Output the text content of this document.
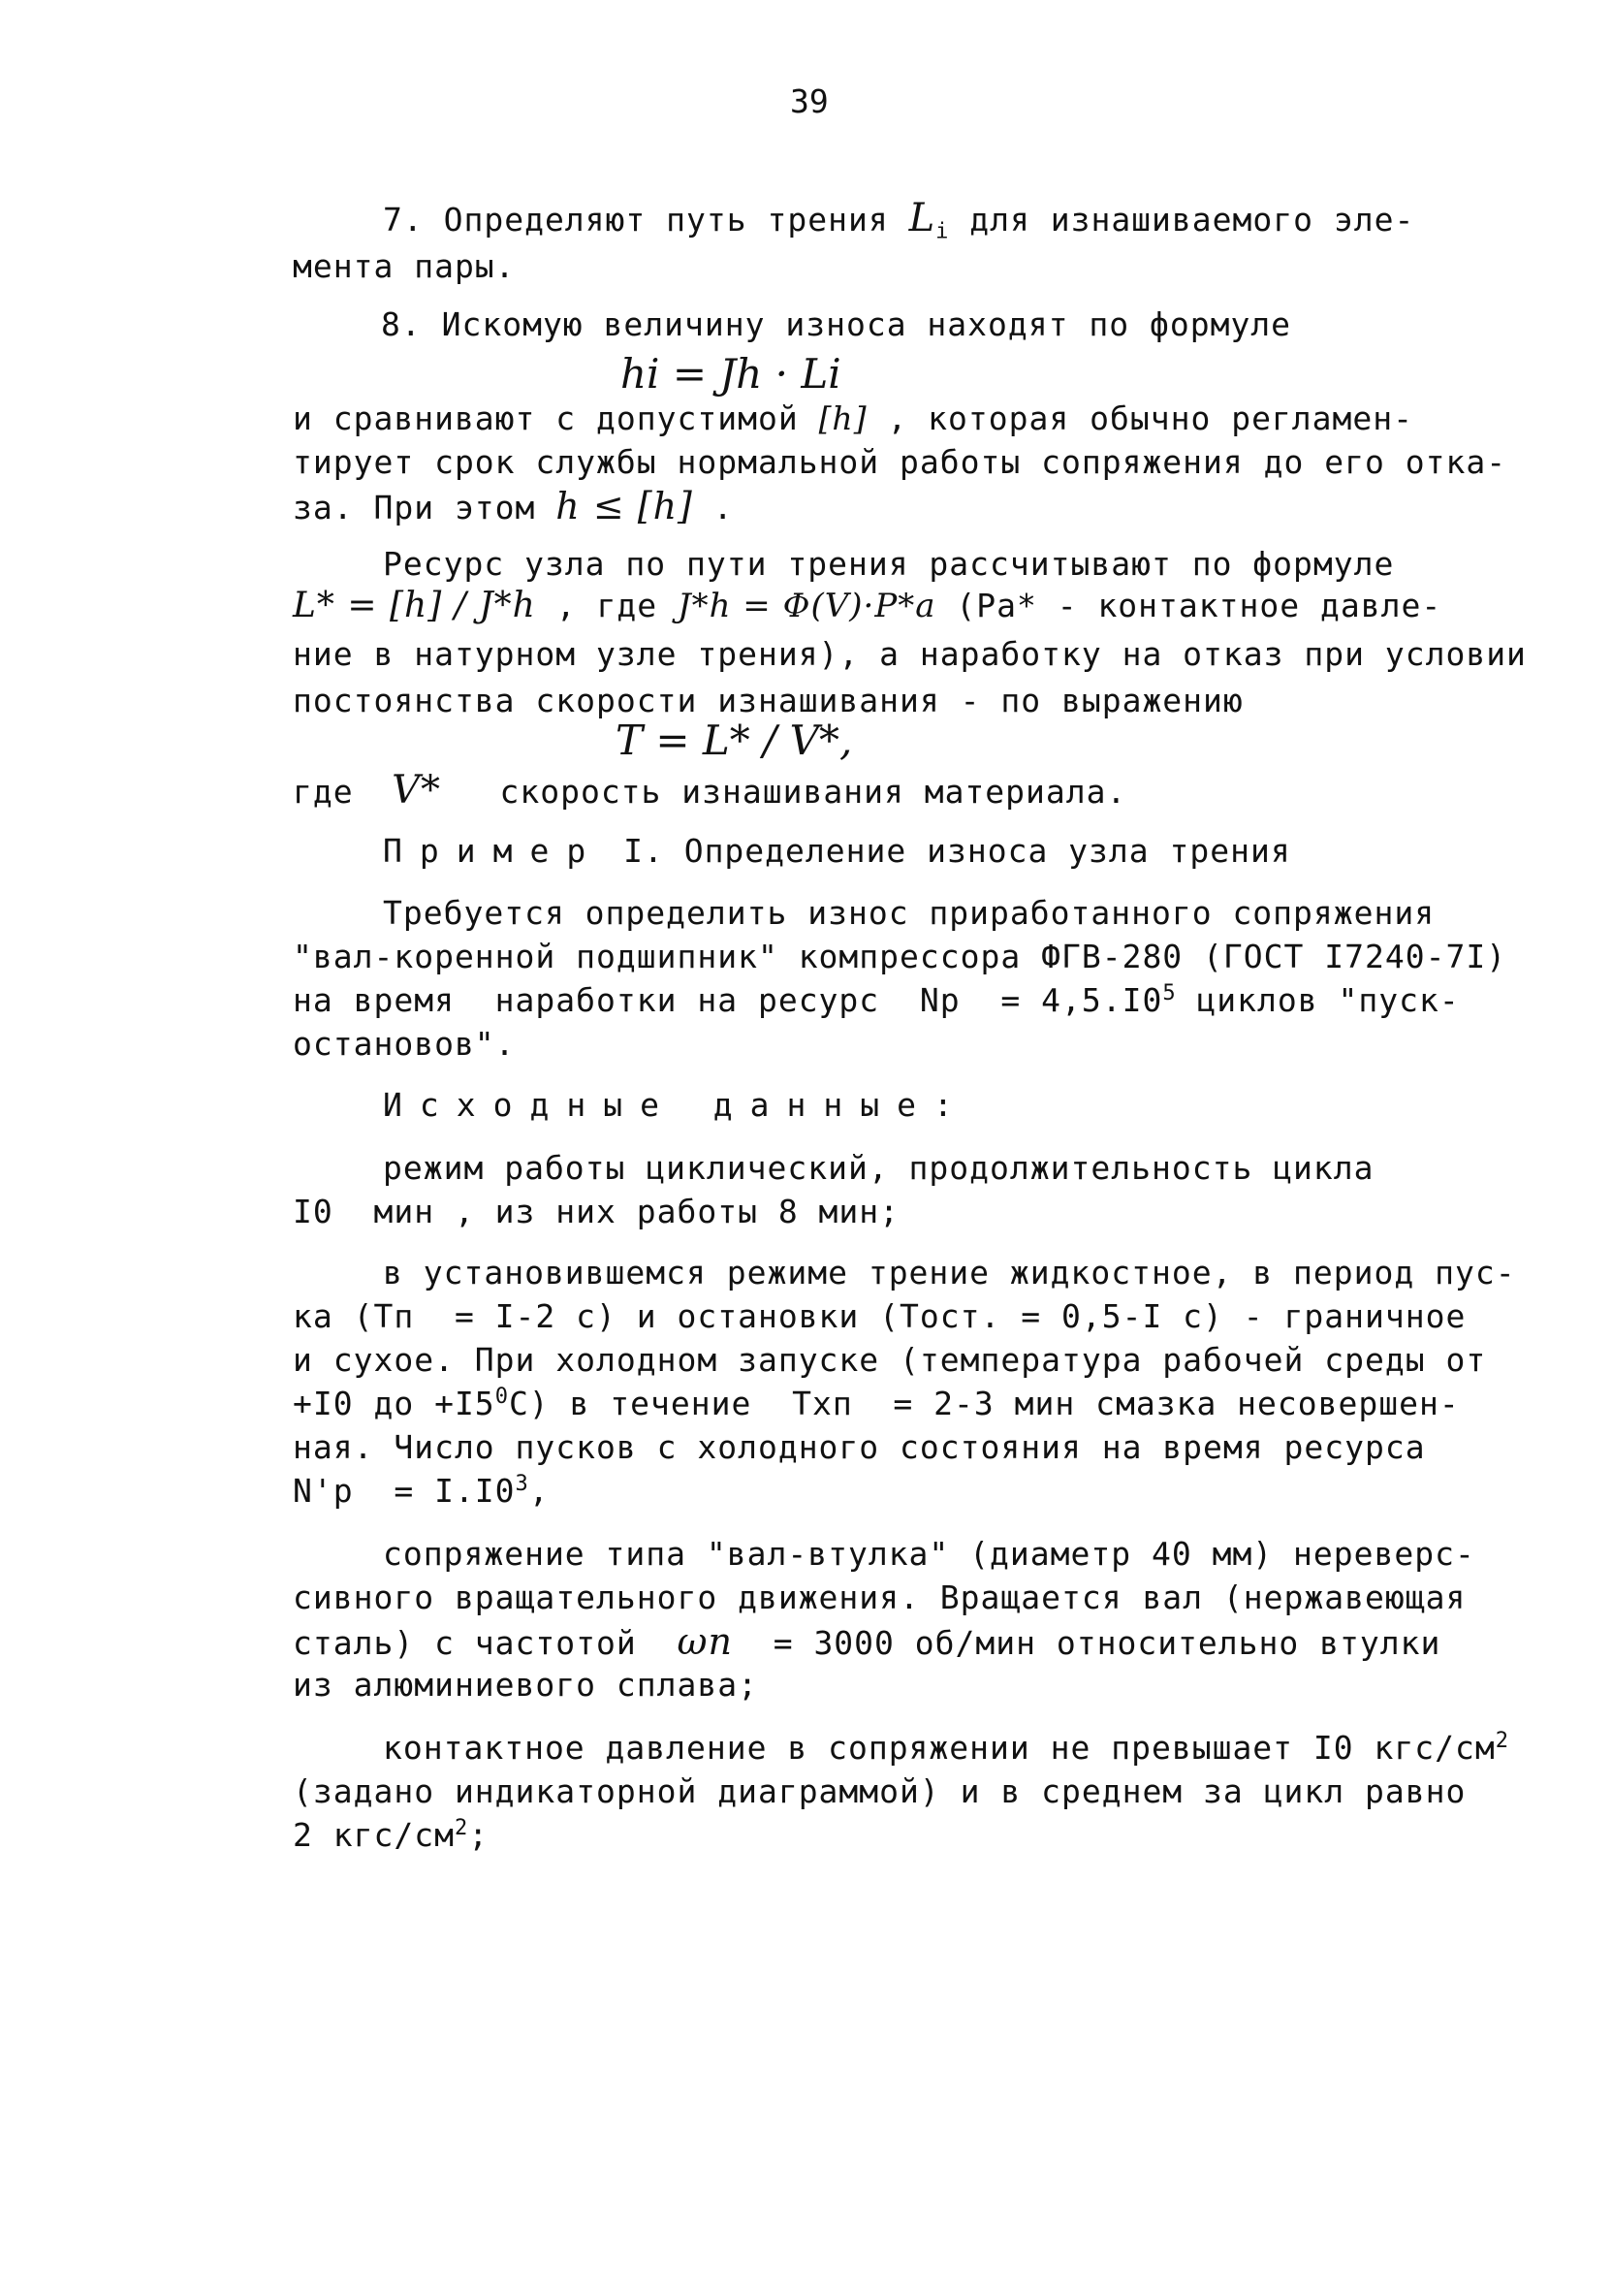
39
7. Определяют путь трения $L_i$ для изнашиваемого эле-
мента пары.
8. Искомую величину износа находят по формуле
hi = Jh · Li
и сравнивают с допустимой [h] , которая обычно регламен-
тирует срок службы нормальной работы сопряжения до его отка-
за. При этом h ≤ [h] .
Ресурс узла по пути трения рассчитывают по формуле
L* = [h] / J*h , где J*h = Φ(V)·P*a (Pa* - контактное давле-
ние в натурном узле трения), а наработку на отказ при условии
постоянства скорости изнашивания - по выражению
T = L* / V*,
где V* скорость изнашивания материала.
Пример I. Определение износа узла трения
Требуется определить износ приработанного сопряжения
"вал-коренной подшипник" компрессора ФГВ-280 (ГОСТ I7240-7I)
на время  наработки на ресурс  $Np = 4,5.I0^5$ циклов "пуск-
остановов".
Исходные данные:
режим работы циклический, продолжительность цикла
I0  мин , из них работы 8 мин;
в установившемся режиме трение жидкостное, в период пус-
ка (Tп  = I-2 с) и остановки (Tост. = 0,5-I с) - граничное
и сухое. При холодном запуске (температура рабочей среды от
+I0 до $+I5^0C$) в течение  Tхп  = 2-3 мин смазка несовершен-
ная. Число пусков с холодного состояния на время ресурса
$N'p = I.I0^3$,
сопряжение типа "вал-втулка" (диаметр 40 мм) нереверс-
сивного вращательного движения. Вращается вал (нержавеющая
сталь) с частотой  ωn  = 3000 об/мин относительно втулки
из алюминиевого сплава;
контактное давление в сопряжении не превышает I0 кгс/$см^2$
(задано индикаторной диаграммой) и в среднем за цикл равно
2 кгс/$см^2$;
